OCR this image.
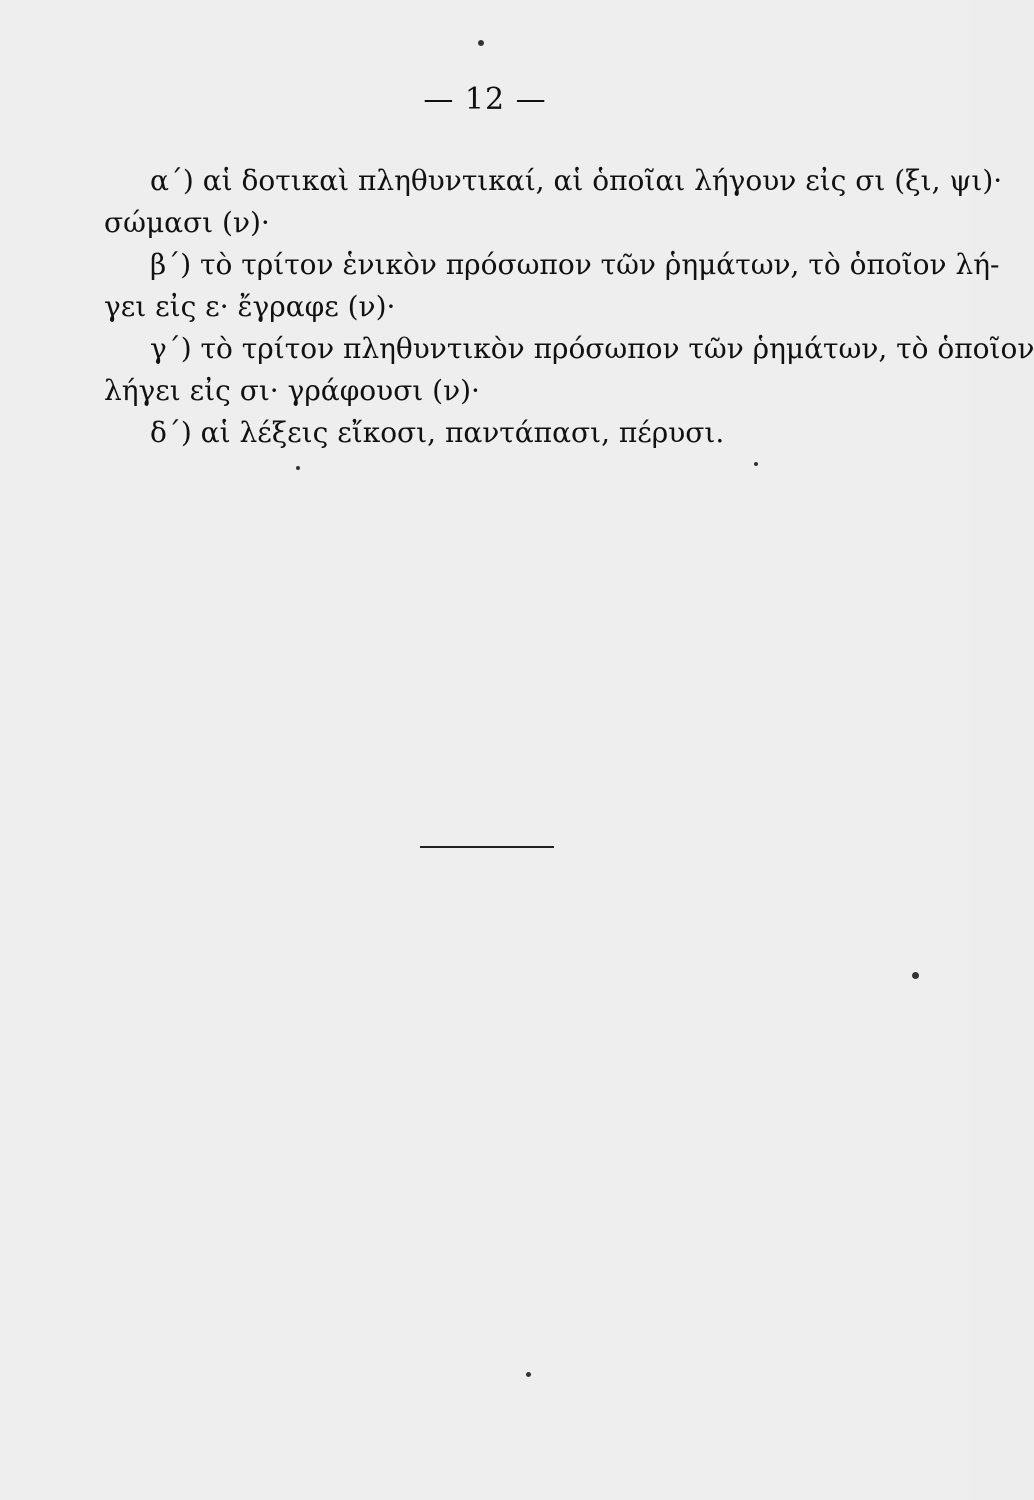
— 12 —
α΄) αἱ δοτικαὶ πληθυντικαί, αἱ ὁποῖαι λήγουν εἰς σι (ξι, ψι)·
σώμασι (ν)·
β΄) τὸ τρίτον ἑνικὸν πρόσωπον τῶν ῥημάτων, τὸ ὁποῖον λή-
γει εἰς ε· ἔγραφε (ν)·
γ΄) τὸ τρίτον πληθυντικὸν πρόσωπον τῶν ῥημάτων, τὸ ὁποῖον
λήγει εἰς σι· γράφουσι (ν)·
δ΄) αἱ λέξεις εἴκοσι, παντάπασι, πέρυσι.
